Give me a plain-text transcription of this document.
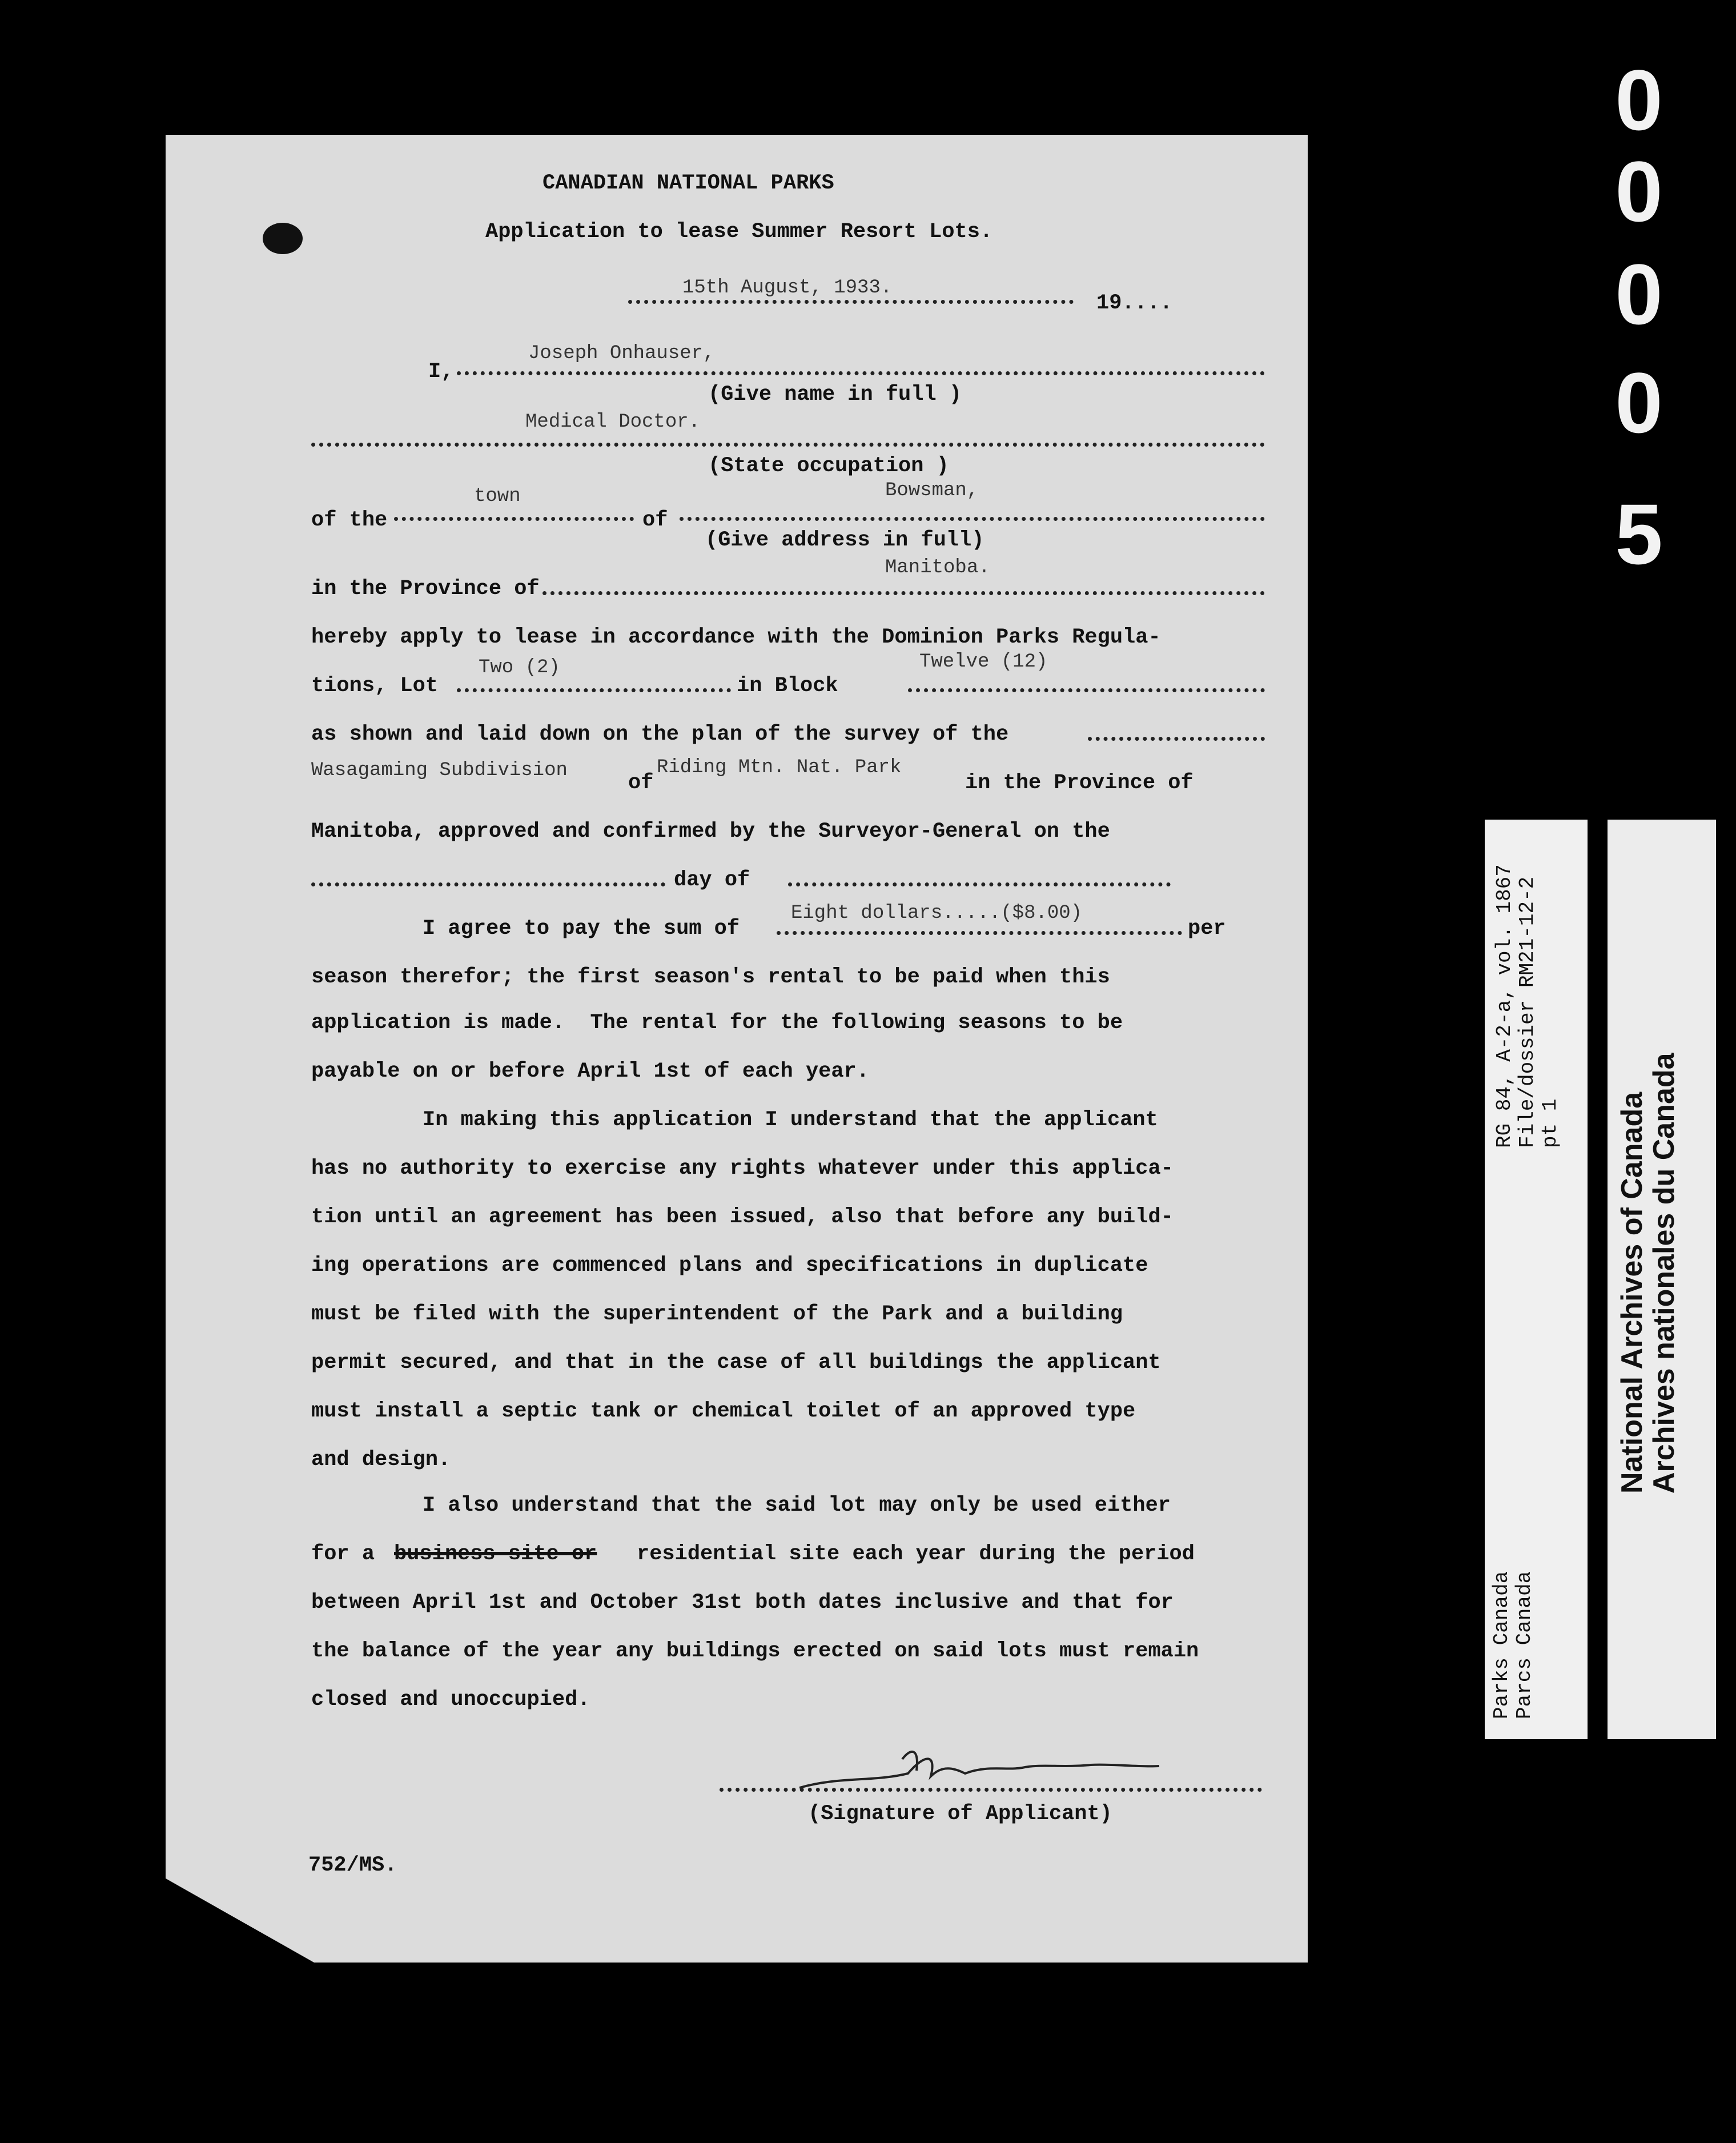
CANADIAN NATIONAL PARKS
Application to lease Summer Resort Lots.
15th August, 1933.
19....
I,
Joseph Onhauser,
(Give name in full )
Medical Doctor.
(State occupation )
of the
town
of
Bowsman,
(Give address in full)
Manitoba.
in the Province of
hereby apply to lease in accordance with the Dominion Parks Regula-
tions, Lot
Two (2)
in Block
Twelve (12)
as shown and laid down on the plan of the survey of the
Wasagaming Subdivision
of
Riding Mtn. Nat. Park
in the Province of
Manitoba, approved and confirmed by the Surveyor-General on the
day of
I agree to pay the sum of
Eight dollars.....($8.00)
per
season therefor; the first season's rental to be paid when this
application is made.  The rental for the following seasons to be
payable on or before April 1st of each year.
In making this application I understand that the applicant
has no authority to exercise any rights whatever under this applica-
tion until an agreement has been issued, also that before any build-
ing operations are commenced plans and specifications in duplicate
must be filed with the superintendent of the Park and a building
permit secured, and that in the case of all buildings the applicant
must install a septic tank or chemical toilet of an approved type
and design.
I also understand that the said lot may only be used either
for a business site or residential site each year during the period
between April 1st and October 31st both dates inclusive and that for
the balance of the year any buildings erected on said lots must remain
closed and unoccupied.
(Signature of Applicant)
752/MS.
0
0
0
0
5
RG 84, A-2-a, vol. 1867 File/dossier RM21-12-2 pt 1
Parks Canada Parcs Canada
National Archives of Canada
Archives nationales du Canada
